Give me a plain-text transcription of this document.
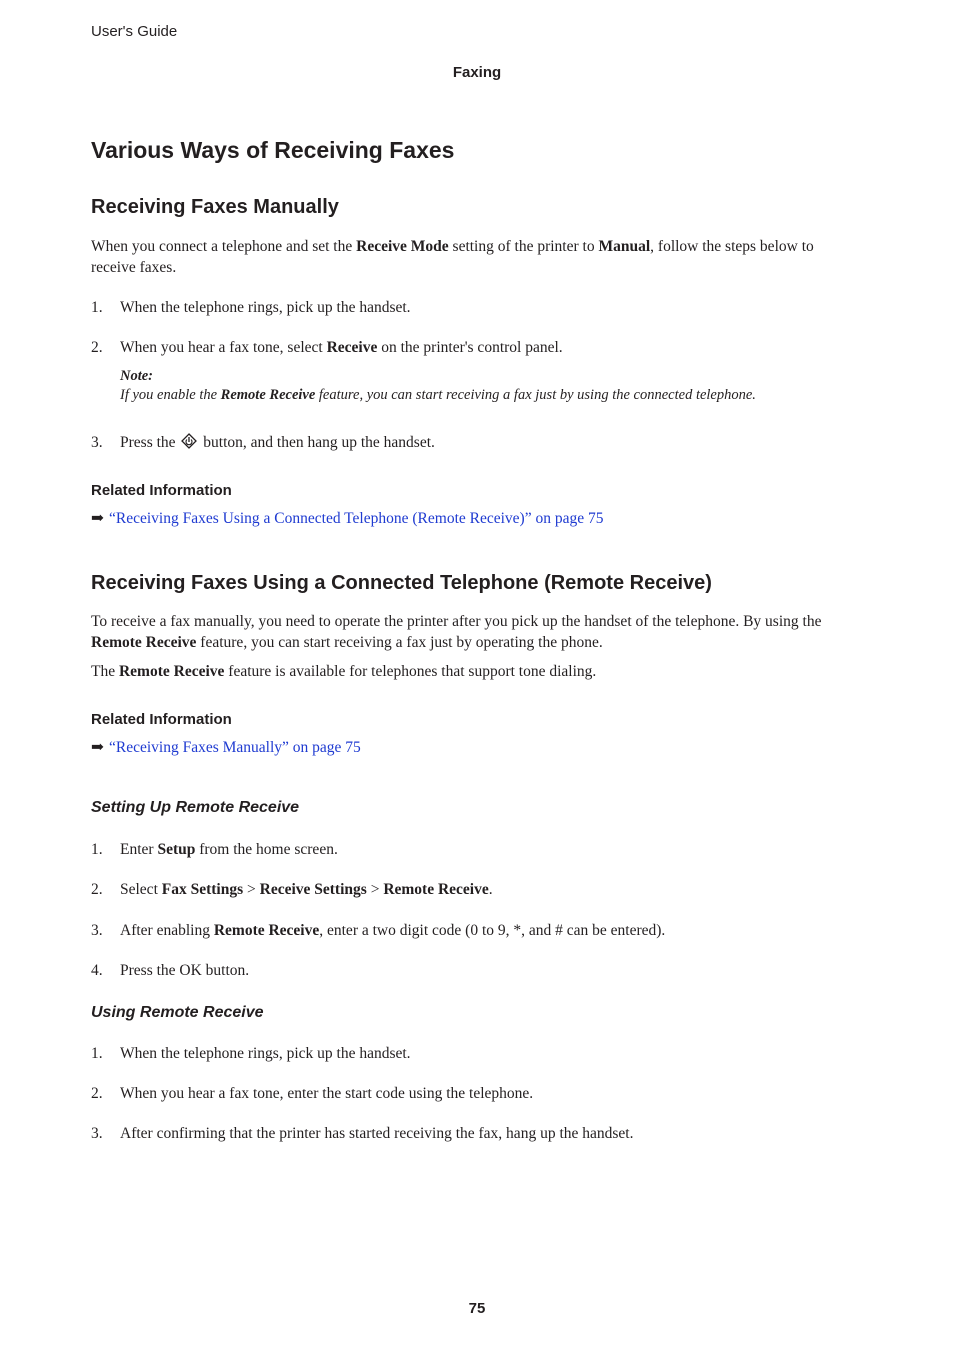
User's Guide
Faxing
Various Ways of Receiving Faxes
Receiving Faxes Manually

When you connect a telephone and set the Receive Mode setting of the printer to Manual, follow the steps below to receive faxes.

1. When the telephone rings, pick up the handset.
2. When you hear a fax tone, select Receive on the printer's control panel.
Note:
If you enable the Remote Receive feature, you can start receiving a fax just by using the connected telephone.
3. Press the button, and then hang up the handset.
Related Information
➡ “Receiving Faxes Using a Connected Telephone (Remote Receive)” on page 75
Receiving Faxes Using a Connected Telephone (Remote Receive)

To receive a fax manually, you need to operate the printer after you pick up the handset of the telephone. By using the Remote Receive feature, you can start receiving a fax just by operating the phone.

The Remote Receive feature is available for telephones that support tone dialing.

Related Information
➡ “Receiving Faxes Manually” on page 75
Setting Up Remote Receive
1. Enter Setup from the home screen.
2. Select Fax Settings > Receive Settings > Remote Receive.
3. After enabling Remote Receive, enter a two digit code (0 to 9, *, and # can be entered).
4. Press the OK button.
Using Remote Receive
1. When the telephone rings, pick up the handset.
2. When you hear a fax tone, enter the start code using the telephone.
3. After confirming that the printer has started receiving the fax, hang up the handset.
75
